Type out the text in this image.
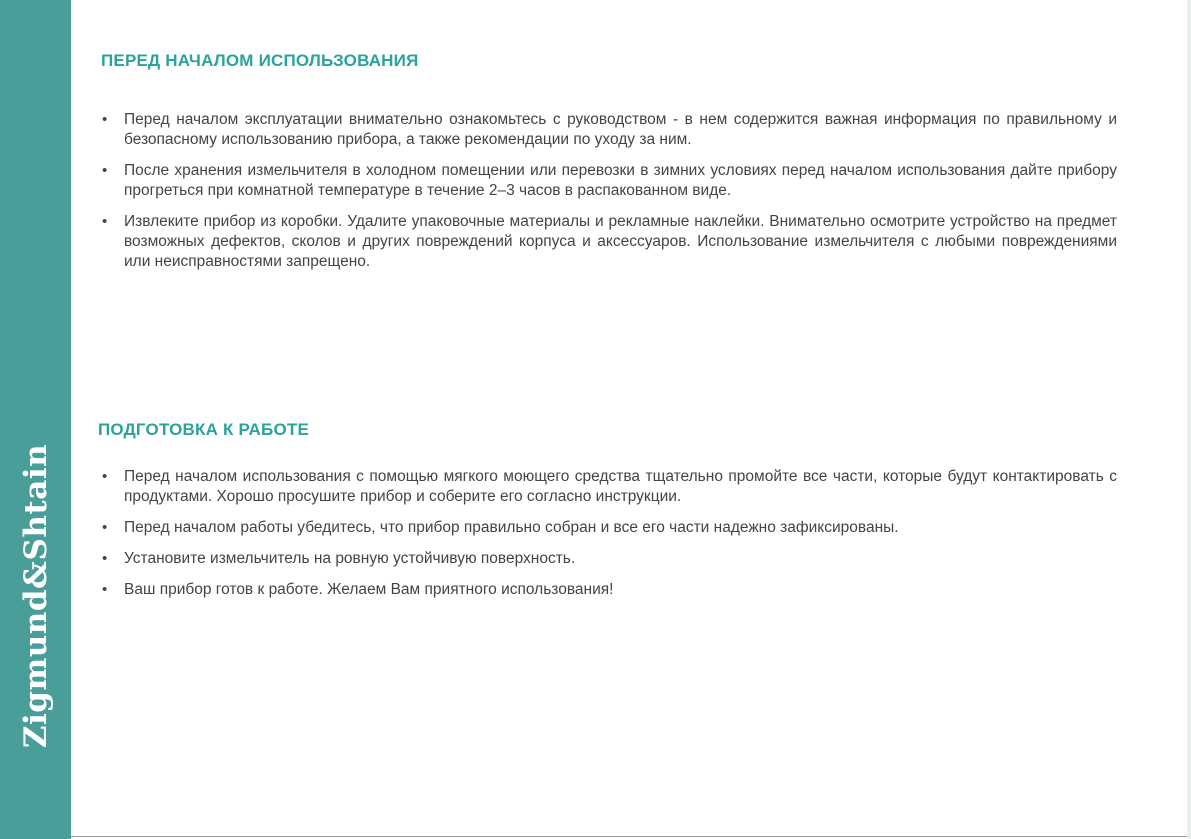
Zigmund&Shtain
ПЕРЕД НАЧАЛОМ ИСПОЛЬЗОВАНИЯ
• Перед началом эксплуатации внимательно ознакомьтесь с руководством - в нем содержится важная информация по правильному и безопасному использованию прибора, а также рекомендации по уходу за ним.
• После хранения измельчителя в холодном помещении или перевозки в зимних условиях перед началом использования дайте прибору прогреться при комнатной температуре в течение 2–3 часов в распакованном виде.
• Извлеките прибор из коробки. Удалите упаковочные материалы и рекламные наклейки. Внимательно осмотрите устройство на предмет возможных дефектов, сколов и других повреждений корпуса и аксессуаров. Использование измельчителя с любыми повреждениями или неисправностями запрещено.
ПОДГОТОВКА К РАБОТЕ
• Перед началом использования с помощью мягкого моющего средства тщательно промойте все части, которые будут контактировать с продуктами. Хорошо просушите прибор и соберите его согласно инструкции.
• Перед началом работы убедитесь, что прибор правильно собран и все его части надежно зафиксированы.
• Установите измельчитель на ровную устойчивую поверхность.
• Ваш прибор готов к работе. Желаем Вам приятного использования!
